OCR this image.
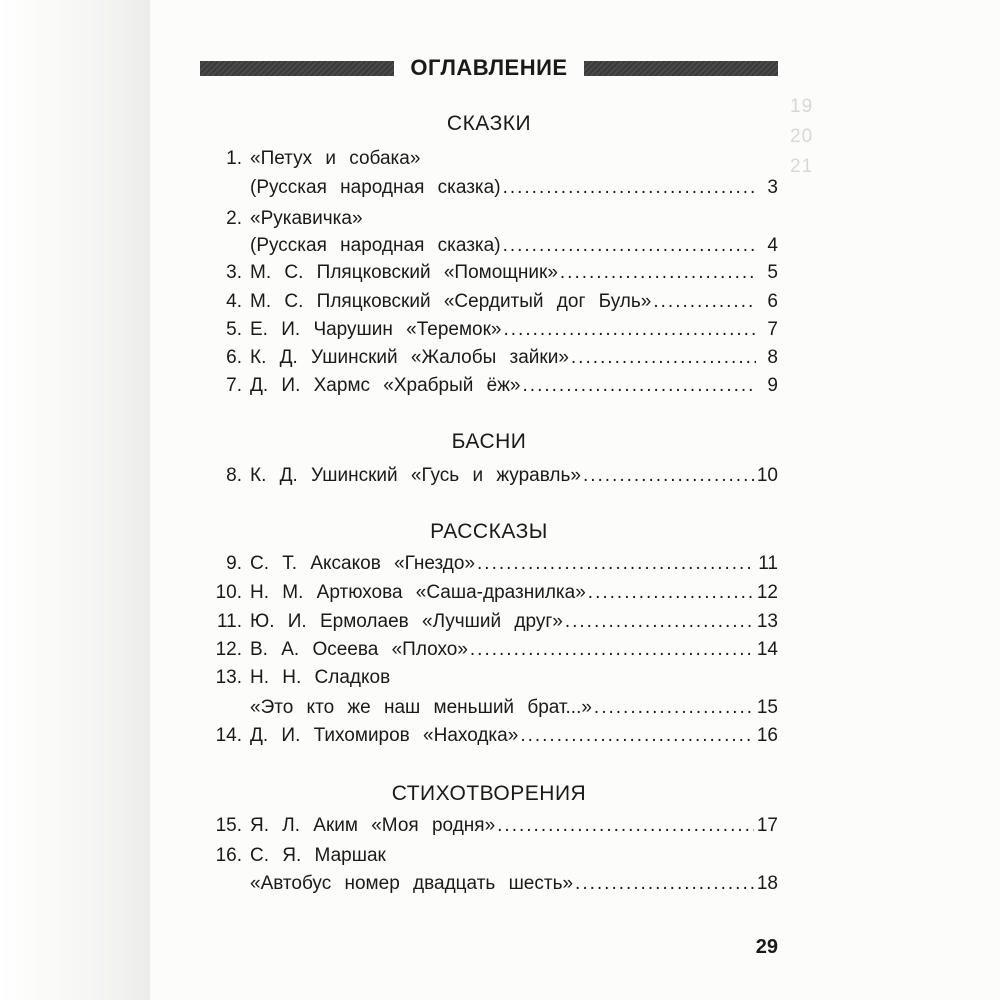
19
20
21
ОГЛАВЛЕНИЕ
СКАЗКИ
1. «Петух и собака»
(Русская народная сказка) .....	3
2. «Рукавичка»
(Русская народная сказка) .....	4
3. М. С. Пляцковский «Помощник» .....	5
4. М. С. Пляцковский «Сердитый дог Буль» .....	6
5. Е. И. Чарушин «Теремок» .....	7
6. К. Д. Ушинский «Жалобы зайки» .....	8
7. Д. И. Хармс «Храбрый ёж» .....	9
БАСНИ
8. К. Д. Ушинский «Гусь и журавль» .....	10
РАССКАЗЫ
9. С. Т. Аксаков «Гнездо» .....	11
10. Н. М. Артюхова «Саша-дразнилка» .....	12
11. Ю. И. Ермолаев «Лучший друг» .....	13
12. В. А. Осеева «Плохо» .....	14
13. Н. Н. Сладков
«Это кто же наш меньший брат...» .....	15
14. Д. И. Тихомиров «Находка» .....	16
СТИХОТВОРЕНИЯ
15. Я. Л. Аким «Моя родня» .....	17
16. С. Я. Маршак
«Автобус номер двадцать шесть» .....	18
29
